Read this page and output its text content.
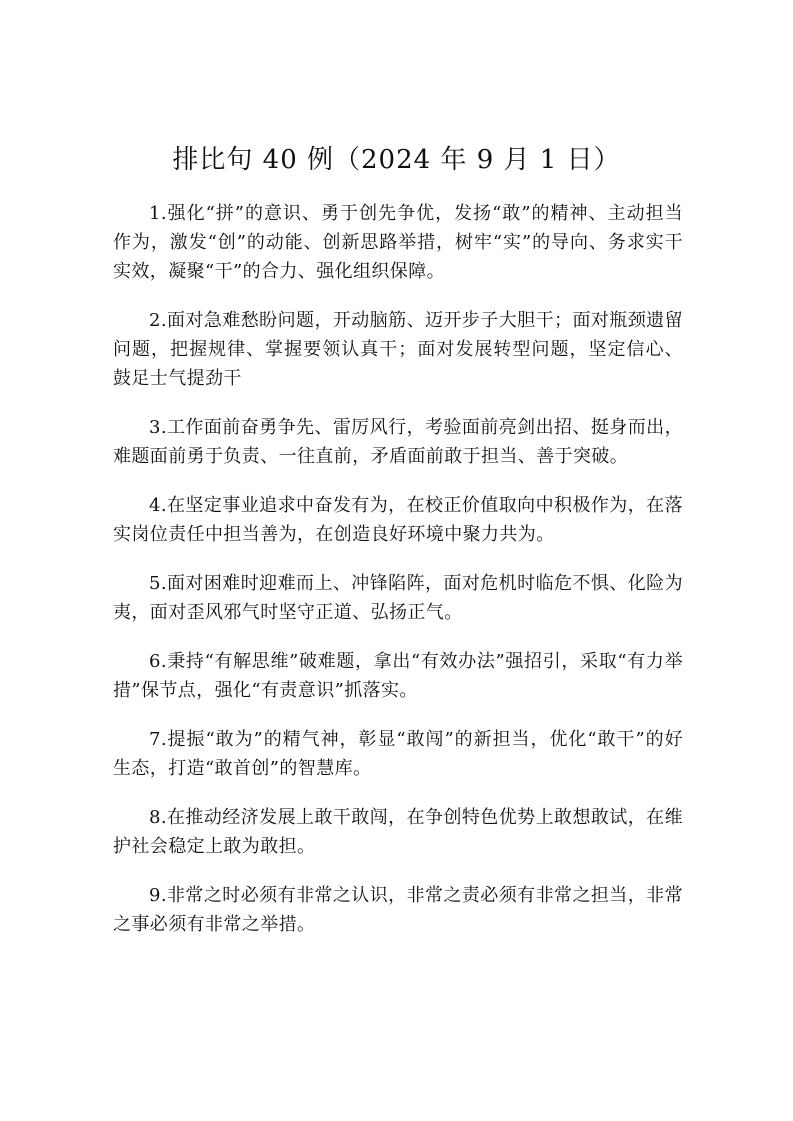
排比句 40 例（2024 年 9 月 1 日）

1.强化“拼”的意识、勇于创先争优，发扬“敢”的精神、主动担当作为，激发“创”的动能、创新思路举措，树牢“实”的导向、务求实干实效，凝聚“干”的合力、强化组织保障。

2.面对急难愁盼问题，开动脑筋、迈开步子大胆干；面对瓶颈遗留问题，把握规律、掌握要领认真干；面对发展转型问题，坚定信心、鼓足士气提劲干

3.工作面前奋勇争先、雷厉风行，考验面前亮剑出招、挺身而出，难题面前勇于负责、一往直前，矛盾面前敢于担当、善于突破。

4.在坚定事业追求中奋发有为，在校正价值取向中积极作为，在落实岗位责任中担当善为，在创造良好环境中聚力共为。

5.面对困难时迎难而上、冲锋陷阵，面对危机时临危不惧、化险为夷，面对歪风邪气时坚守正道、弘扬正气。

6.秉持“有解思维”破难题，拿出“有效办法”强招引，采取“有力举措”保节点，强化“有责意识”抓落实。

7.提振“敢为”的精气神，彰显“敢闯”的新担当，优化“敢干”的好生态，打造“敢首创”的智慧库。

8.在推动经济发展上敢干敢闯，在争创特色优势上敢想敢试，在维护社会稳定上敢为敢担。

9.非常之时必须有非常之认识，非常之责必须有非常之担当，非常之事必须有非常之举措。
